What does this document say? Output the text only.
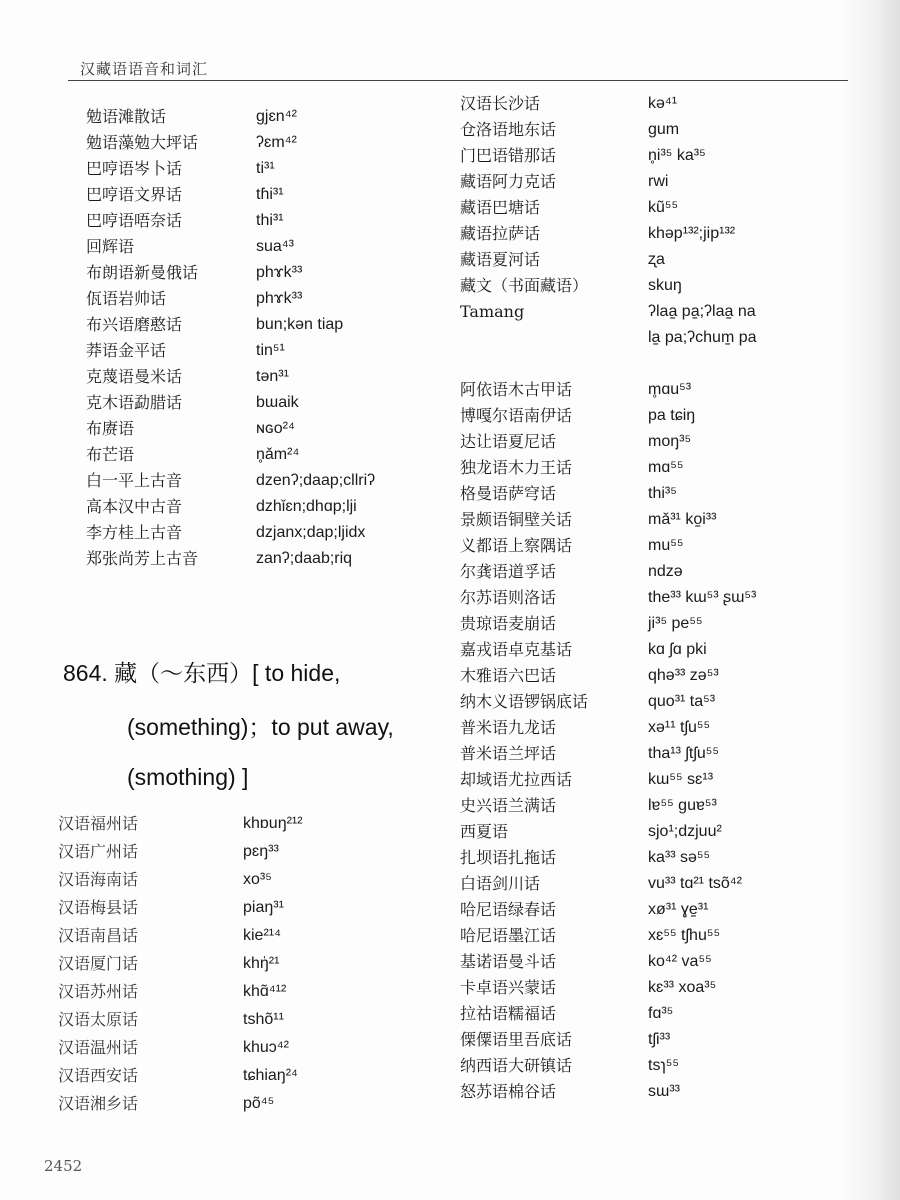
汉藏语语音和词汇
勉语滩散话	gjɛn⁴²
勉语藻勉大坪话	ʔɛm⁴²
巴哼语岑卜话	ti³¹
巴哼语文界话	tɦi³¹
巴哼语唔奈话	thi³¹
回辉语	sua⁴³
布朗语新曼俄话	phɤk³³
佤语岩帅话	phɤk³³
布兴语磨憨话	bun;kən tiap
莽语金平话	tin⁵¹
克蔑语曼米话	tən³¹
克木语勐腊话	bɯaik
布赓语	ɴɢo²⁴
布芒语	n̥ǎm²⁴
白一平上古音	dzenʔ;daap;cllriʔ
高本汉中古音	dzhǐɛn;dhɑp;lji
李方桂上古音	dzjanx;dap;ljidx
郑张尚芳上古音	zanʔ;daab;riq
864. 藏（～东西）[ to hide,
(something)；to put away,
(smothing) ]
汉语福州话	khɒuŋ²¹²
汉语广州话	pɛŋ³³
汉语海南话	xo³⁵
汉语梅县话	piaŋ³¹
汉语南昌话	kie²¹⁴
汉语厦门话	khŋ̍²¹
汉语苏州话	khɑ̃⁴¹²
汉语太原话	tshõ¹¹
汉语温州话	khuɔ⁴²
汉语西安话	tɕhiaŋ²⁴
汉语湘乡话	põ⁴⁵
汉语长沙话	kə⁴¹
仓洛语地东话	gum
门巴语错那话	n̥i³⁵ ka³⁵
藏语阿力克话	rwi
藏语巴塘话	kũ⁵⁵
藏语拉萨话	khəp¹³²;jip¹³²
藏语夏河话	ʐa
藏文（书面藏语）	skuŋ
Tamang	ʔlaa̠ pa̠;ʔlaa̠ na
la̠ pa;ʔchum̠ pa
阿依语木古甲话	m̥ɑu⁵³
博嘎尔语南伊话	pa tɕiŋ
达让语夏尼话	moŋ³⁵
独龙语木力王话	mɑ⁵⁵
格曼语萨穹话	thi³⁵
景颇语铜壁关话	mǎ³¹ ko̠i³³
义都语上察隅话	mu⁵⁵
尔龚语道孚话	ndzə
尔苏语则洛话	the³³ kɯ⁵³ ʂɯ⁵³
贵琼语麦崩话	ji³⁵ pe⁵⁵
嘉戎语卓克基话	kɑ ʃɑ pki
木雅语六巴话	qhə³³ zə⁵³
纳木义语锣锅底话	quo³¹ ta⁵³
普米语九龙话	xə¹¹ tʃu⁵⁵
普米语兰坪话	tha¹³ ʃtʃu⁵⁵
却域语尤拉西话	kɯ⁵⁵ sɛ¹³
史兴语兰满话	lɐ⁵⁵ guɐ⁵³
西夏语	sjo¹;dzjuu²
扎坝语扎拖话	ka³³ sə⁵⁵
白语剑川话	vu³³ tɑ²¹ tsõ⁴²
哈尼语绿春话	xø³¹ ɣe̠³¹
哈尼语墨江话	xɛ⁵⁵ tʃhu⁵⁵
基诺语曼斗话	ko⁴² va⁵⁵
卡卓语兴蒙话	kɛ³³ xoa³⁵
拉祜语糯福话	fɑ³⁵
傈僳语里吾底话	tʃi³³
纳西语大研镇话	tsɿ⁵⁵
怒苏语棉谷话	sɯ³³
2452
